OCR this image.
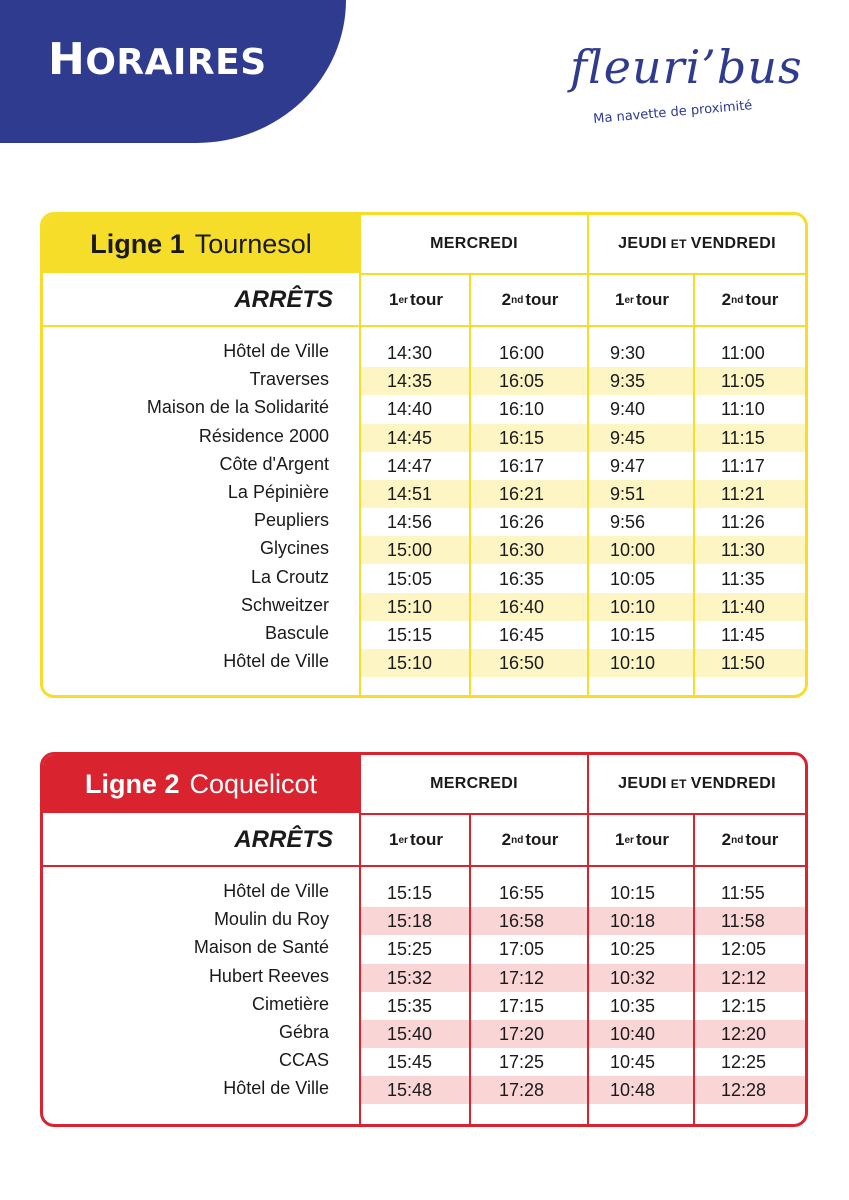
HORAIRES	fleuri’bus
Ma navette de proximité
Ligne 1 Tournesol	MERCREDI	JEUDI ET VENDREDI
ARRÊTS	1 er tour	2 nd tour	1 er tour	2 nd tour
Hôtel de Ville	14:30	16:00	9:30	11:00
Traverses	14:35	16:05	9:35	11:05
Maison de la Solidarité	14:40	16:10	9:40	11:10
Résidence 2000	14:45	16:15	9:45	11:15
Côte d'Argent	14:47	16:17	9:47	11:17
La Pépinière	14:51	16:21	9:51	11:21
Peupliers	14:56	16:26	9:56	11:26
Glycines	15:00	16:30	10:00	11:30
La Croutz	15:05	16:35	10:05	11:35
Schweitzer	15:10	16:40	10:10	11:40
Bascule	15:15	16:45	10:15	11:45
Hôtel de Ville	15:10	16:50	10:10	11:50
Ligne 2 Coquelicot	MERCREDI	JEUDI ET VENDREDI
ARRÊTS	1 er tour	2 nd tour	1 er tour	2 nd tour
Hôtel de Ville	15:15	16:55	10:15	11:55
Moulin du Roy	15:18	16:58	10:18	11:58
Maison de Santé	15:25	17:05	10:25	12:05
Hubert Reeves	15:32	17:12	10:32	12:12
Cimetière	15:35	17:15	10:35	12:15
Gébra	15:40	17:20	10:40	12:20
CCAS	15:45	17:25	10:45	12:25
Hôtel de Ville	15:48	17:28	10:48	12:28
